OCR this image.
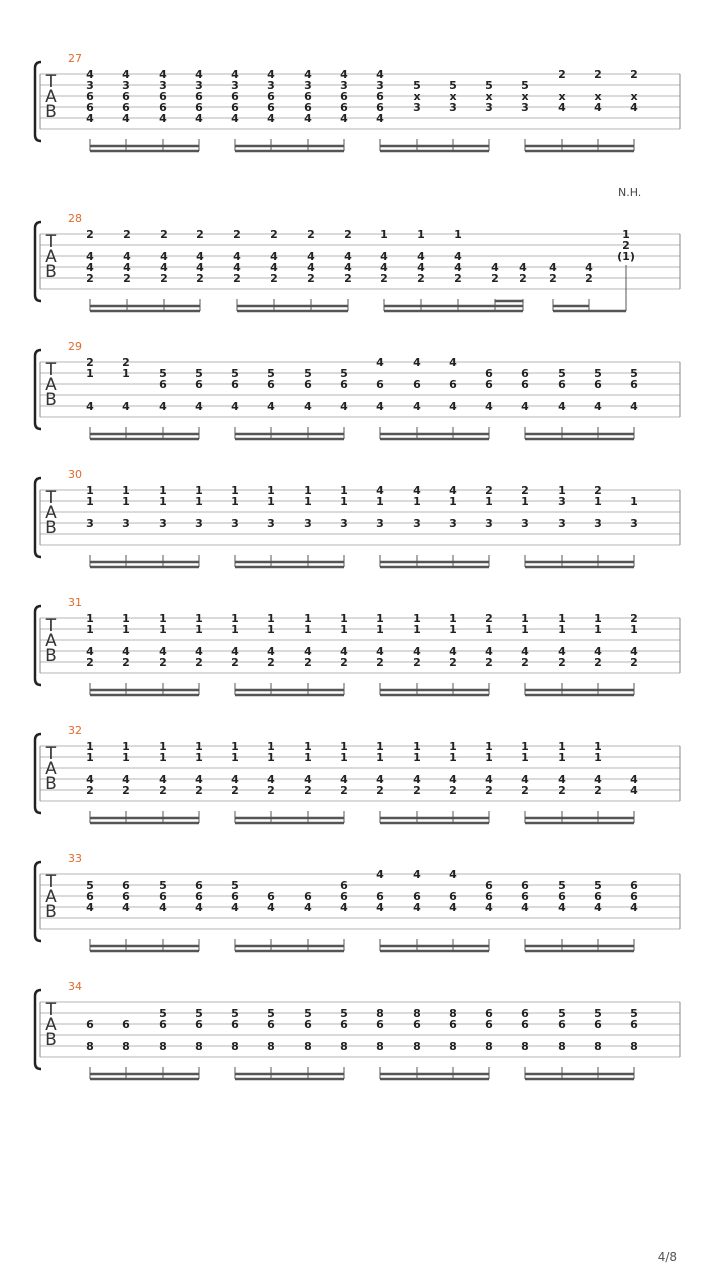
T
A
B
27
4
3
6
6
4
4
3
6
6
4
4
3
6
6
4
4
3
6
6
4
4
3
6
6
4
4
3
6
6
4
4
3
6
6
4
4
3
6
6
4
4
3
6
6
4
5
x
3
5
x
3
5
x
3
5
x
3
2
x
4
2
x
4
2
x
4
T
A
B
28
N.H.
2
4
4
2
2
4
4
2
2
4
4
2
2
4
4
2
2
4
4
2
2
4
4
2
2
4
4
2
2
4
4
2
1
4
4
2
1
4
4
2
1
4
4
2
4
2
4
2
4
2
4
2
1
2
(1)
T
A
B
29
2
1
4
2
1
4
5
6
4
5
6
4
5
6
4
5
6
4
5
6
4
5
6
4
4
6
4
4
6
4
4
6
4
6
6
4
6
6
4
5
6
4
5
6
4
5
6
4
T
A
B
30
1
1
3
1
1
3
1
1
3
1
1
3
1
1
3
1
1
3
1
1
3
1
1
3
4
1
3
4
1
3
4
1
3
2
1
3
2
1
3
1
3
3
2
1
3
1
3
T
A
B
31
1
1
4
2
1
1
4
2
1
1
4
2
1
1
4
2
1
1
4
2
1
1
4
2
1
1
4
2
1
1
4
2
1
1
4
2
1
1
4
2
1
1
4
2
2
1
4
2
1
1
4
2
1
1
4
2
1
1
4
2
2
1
4
2
T
A
B
32
1
1
4
2
1
1
4
2
1
1
4
2
1
1
4
2
1
1
4
2
1
1
4
2
1
1
4
2
1
1
4
2
1
1
4
2
1
1
4
2
1
1
4
2
1
1
4
2
1
1
4
2
1
1
4
2
1
1
4
2
4
4
T
A
B
33
5
6
4
6
6
4
5
6
4
6
6
4
5
6
4
6
4
6
4
6
6
4
4
6
4
4
6
4
4
6
4
6
6
4
6
6
4
5
6
4
5
6
4
6
6
4
T
A
B
34
6
8
6
8
5
6
8
5
6
8
5
6
8
5
6
8
5
6
8
5
6
8
8
6
8
8
6
8
8
6
8
6
6
8
6
6
8
5
6
8
5
6
8
5
6
8
4/8
